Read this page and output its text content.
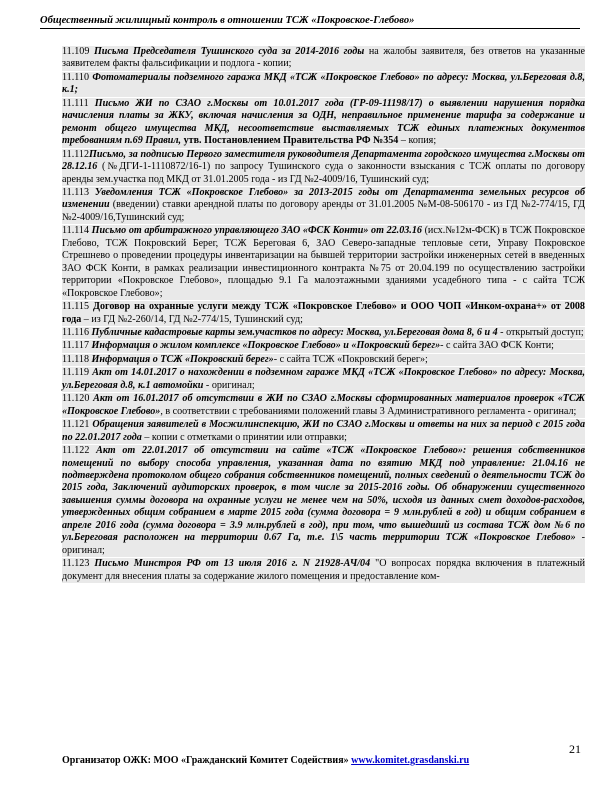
Общественный жилищный контроль в отношении ТСЖ «Покровское-Глебово»

11.109 Письма Председателя Тушинского суда за 2014-2016 годы на жалобы заявителя, без ответов на указанные заявителем факты фальсификации и подлога - копии;

11.110 Фотоматериалы подземного гаража МКД «ТСЖ «Покровское Глебово» по адресу: Москва, ул.Береговая д.8, к.1;

11.111 Письмо ЖИ по СЗАО г.Москвы от 10.01.2017 года (ГР-09-11198/17) о выявлении нарушения порядка начисления платы за ЖКУ, включая начисления за ОДН, неправильное применение тарифа за содержание и ремонт общего имущества МКД, несоответствие выставляемых ТСЖ единых платежных документов требованиям п.69 Правил, утв. Постановлением Правительства РФ №354 – копия;

11.112Письмо, за подписью Первого заместителя руководителя Департамента городского имущества г.Москвы от 28.12.16 (№ДГИ-1-1110872/16-1) по запросу Тушинского суда о законности взыскания с ТСЖ оплаты по договору аренды зем.участка под МКД от 31.01.2005 года - из ГД №2-4009/16, Тушинский суд;

11.113 Уведомления ТСЖ «Покровское Глебово» за 2013-2015 годы от Департамента земельных ресурсов об изменении (введении) ставки арендной платы по договору аренды от 31.01.2005 №М-08-506170 - из ГД №2-774/15, ГД №2-4009/16,Тушинский суд;

11.114 Письмо от арбитражного управляющего ЗАО «ФСК Конти» от 22.03.16 (исх.№12м-ФСК) в ТСЖ Покровское Глебово, ТСЖ Покровский Берег, ТСЖ Береговая 6, ЗАО Северо-западные тепловые сети, Управу Покровское Стрешнево о проведении процедуры инвентаризации на бывшей территории застройки инженерных сетей в введенных ЗАО ФСК Конти, в рамках реализации инвестиционного контракта №75 от 20.04.199 по осуществлению застройки территории «Покровское Глебово», площадью 9.1 Га малоэтажными зданиями усадебного типа - с сайта ТСЖ «Покровское Глебово»;

11.115 Договор на охранные услуги между ТСЖ «Покровское Глебово» и ООО ЧОП «Инком-охрана+» от 2008 года – из ГД №2-260/14, ГД №2-774/15, Тушинский суд;

11.116 Публичные кадастровые карты зем.участков по адресу: Москва, ул.Береговая дома 8, 6 и 4 - открытый доступ;

11.117 Информация о жилом комплексе «Покровское Глебово» и «Покровский берег»- с сайта ЗАО ФСК Конти;

11.118 Информация о ТСЖ «Покровский берег»- с сайта ТСЖ «Покровский берег»;

11.119 Акт от 14.01.2017 о нахождении в подземном гараже МКД «ТСЖ «Покровское Глебово» по адресу: Москва, ул.Береговая д.8, к.1 автомойки - оригинал;

11.120 Акт от 16.01.2017 об отсутствии в ЖИ по СЗАО г.Москвы сформированных материалов проверок «ТСЖ «Покровское Глебово», в соответствии с требованиями положений главы 3 Административного регламента - оригинал;

11.121 Обращения заявителей в Мосжилинспекцию, ЖИ по СЗАО г.Москвы и ответы на них за период с 2015 года по 22.01.2017 года – копии с отметками о принятии или отправки;

11.122 Акт от 22.01.2017 об отсутствии на сайте «ТСЖ «Покровское Глебово»: решения собственников помещений по выбору способа управления, указанная дата по взятию МКД под управление: 21.04.16 не подтверждена протоколом общего собрания собственников помещений, полных сведений о деятельности ТСЖ до 2015 года, Заключений аудиторских проверок, в том числе за 2015-2016 годы. Об обнаружении существенного завышения суммы договора на охранные услуги не менее чем на 50%, исходя из данных смет доходов-расходов, утвержденных общим собранием в марте 2015 года (сумма договора = 9 млн.рублей в год) и общим собранием в апреле 2016 года (сумма договора = 3.9 млн.рублей в год), при том, что вышедший из состава ТСЖ дом №6 по ул.Береговая расположен на территории 0.67 Га, т.е. 1\5 часть территории ТСЖ «Покровское Глебово» - оригинал;

11.123 Письмо Минстроя РФ от 13 июля 2016 г. N 21928-АЧ/04 "О вопросах порядка включения в платежный документ для внесения платы за содержание жилого помещения и предоставление ком-

Организатор ОЖК: МОО «Гражданский Комитет Содействия» www.komitet.grasdanski.ru
21
